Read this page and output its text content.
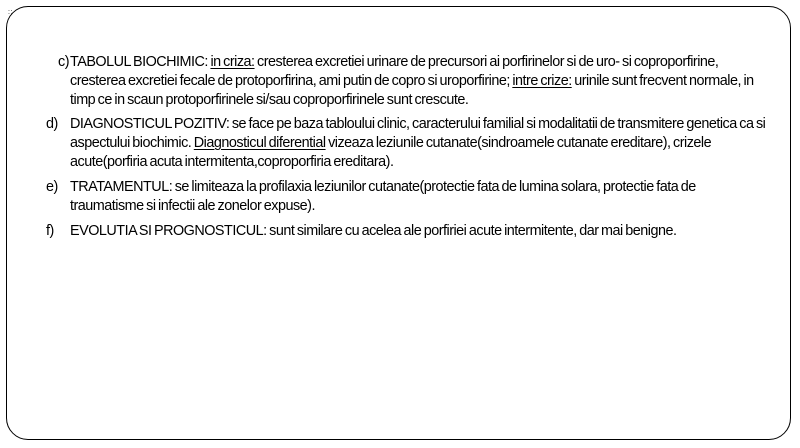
::
c) TABOLUL BIOCHIMIC: in criza: cresterea excretiei urinare de precursori ai porfirinelor si de uro- si coproporfirine, cresterea excretiei fecale de protoporfirina, ami putin de copro si uroporfirine; intre crize: urinile sunt frecvent normale, in timp ce in scaun protoporfirinele si/sau coproporfirinele sunt crescute.
d) DIAGNOSTICUL POZITIV: se face pe baza tabloului clinic, caracterului familial si modalitatii de transmitere genetica ca si aspectului biochimic. Diagnosticul diferential vizeaza leziunile cutanate(sindroamele cutanate ereditare), crizele acute(porfiria acuta intermitenta,coproporfiria ereditara).
e) TRATAMENTUL: se limiteaza la profilaxia leziunilor cutanate(protectie fata de lumina solara, protectie fata de traumatisme si infectii ale zonelor expuse).
f) EVOLUTIA SI PROGNOSTICUL: sunt similare cu acelea ale porfiriei acute intermitente, dar mai benigne.
